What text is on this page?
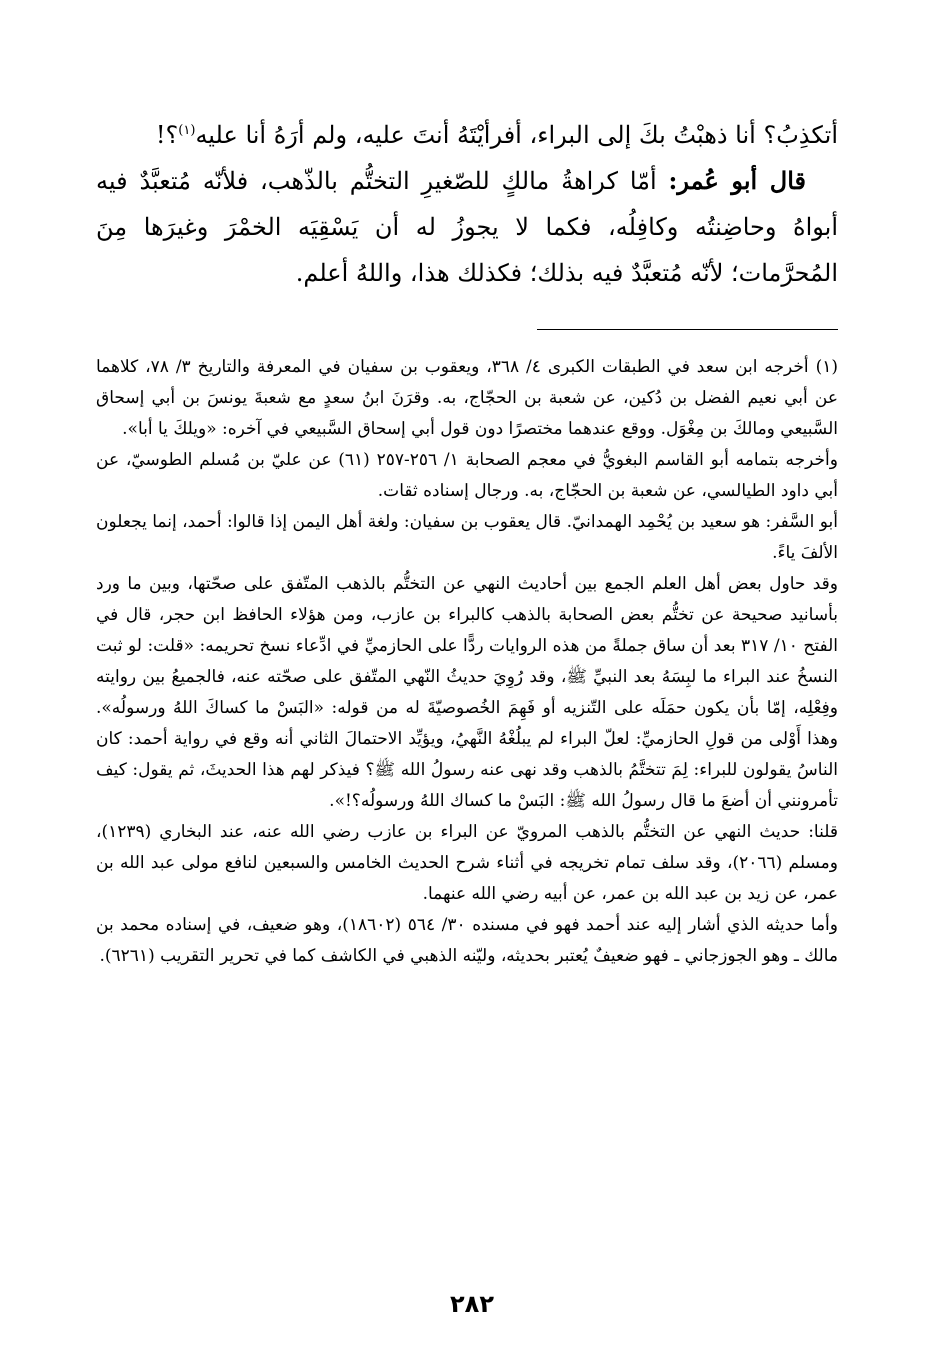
أتكذِبُ؟ أنا ذهبْتُ بكَ إلى البراء، أفرأيْتَهُ أنتَ عليه، ولم أرَهُ أنا عليه$^{(١)}$؟!

قال أبو عُمر: أمّا كراهةُ مالكٍ للصّغيرِ التختُّم بالذّهب، فلأنّه مُتعبَّدٌ فيه أبواهُ وحاضِنتُه وكافِلُه، فكما لا يجوزُ له أن يَسْقِيَه الخمْرَ وغيرَها مِنَ المُحرَّمات؛ لأنّه مُتعبَّدٌ فيه بذلك؛ فكذلك هذا، واللهُ أعلم.

(١) أخرجه ابن سعد في الطبقات الكبرى ٤/ ٣٦٨، ويعقوب بن سفيان في المعرفة والتاريخ ٣/ ٧٨، كلاهما عن أبي نعيم الفضل بن دُكين، عن شعبة بن الحجّاج، به. وقرَنَ ابنُ سعدٍ مع شعبةَ يونسَ بن أبي إسحاق السَّبيعي ومالكَ بن مِغْوَل. ووقع عندهما مختصرًا دون قول أبي إسحاق السَّبيعي في آخره: «ويلكَ يا أبا».

وأخرجه بتمامه أبو القاسم البغويُّ في معجم الصحابة ١/ ٢٥٦-٢٥٧ (٦١) عن عليّ بن مُسلم الطوسيّ، عن أبي داود الطيالسي، عن شعبة بن الحجّاج، به. ورجال إسناده ثقات.

أبو السَّفر: هو سعيد بن يُحْمِد الهمدانيّ. قال يعقوب بن سفيان: ولغة أهل اليمن إذا قالوا: أحمد، إنما يجعلون الألفَ ياءً.

وقد حاول بعض أهل العلم الجمع بين أحاديث النهي عن التختُّم بالذهب المتّفق على صحّتها، وبين ما ورد بأسانيد صحيحة عن تختُّم بعض الصحابة بالذهب كالبراء بن عازب، ومن هؤلاء الحافظ ابن حجر، قال في الفتح ١٠/ ٣١٧ بعد أن ساق جملةً من هذه الروايات ردًّا على الحازميِّ في ادِّعاء نسخ تحريمه: «قلت: لو ثبت النسخُ عند البراء ما لبِسَهُ بعد النبيِّ ﷺ، وقد رُوِيَ حديثُ النّهي المتّفق على صحّته عنه، فالجميعُ بين روايته وفِعْلِه، إمّا بأن يكون حمَلَه على التّنزيه أو فَهِمَ الخُصوصيّةَ له من قوله: «البَسْ ما كساكَ اللهُ ورسولُه». وهذا أَوْلى من قولِ الحازميِّ: لعلّ البراء لم يبلُغْهُ النَّهيُ، ويؤيِّد الاحتمالَ الثاني أنه وقع في رواية أحمد: كان الناسُ يقولون للبراء: لِمَ تتختَّمُ بالذهب وقد نهى عنه رسولُ الله ﷺ؟ فيذكر لهم هذا الحديثَ، ثم يقول: كيف تأمرونني أن أضعَ ما قال رسولُ الله ﷺ: البَسْ ما كساك اللهُ ورسولُه؟!».

قلنا: حديث النهي عن التختُّم بالذهب المرويّ عن البراء بن عازب رضي الله عنه، عند البخاري (١٢٣٩)، ومسلم (٢٠٦٦)، وقد سلف تمام تخريجه في أثناء شرح الحديث الخامس والسبعين لنافع مولى عبد الله بن عمر، عن زيد بن عبد الله بن عمر، عن أبيه رضي الله عنهما.

وأما حديثه الذي أشار إليه عند أحمد فهو في مسنده ٣٠/ ٥٦٤ (١٨٦٠٢)، وهو ضعيف، في إسناده محمد بن مالك ـ وهو الجوزجاني ـ فهو ضعيفٌ يُعتبر بحديثه، وليّنه الذهبي في الكاشف كما في تحرير التقريب (٦٢٦١).

٢٨٢
